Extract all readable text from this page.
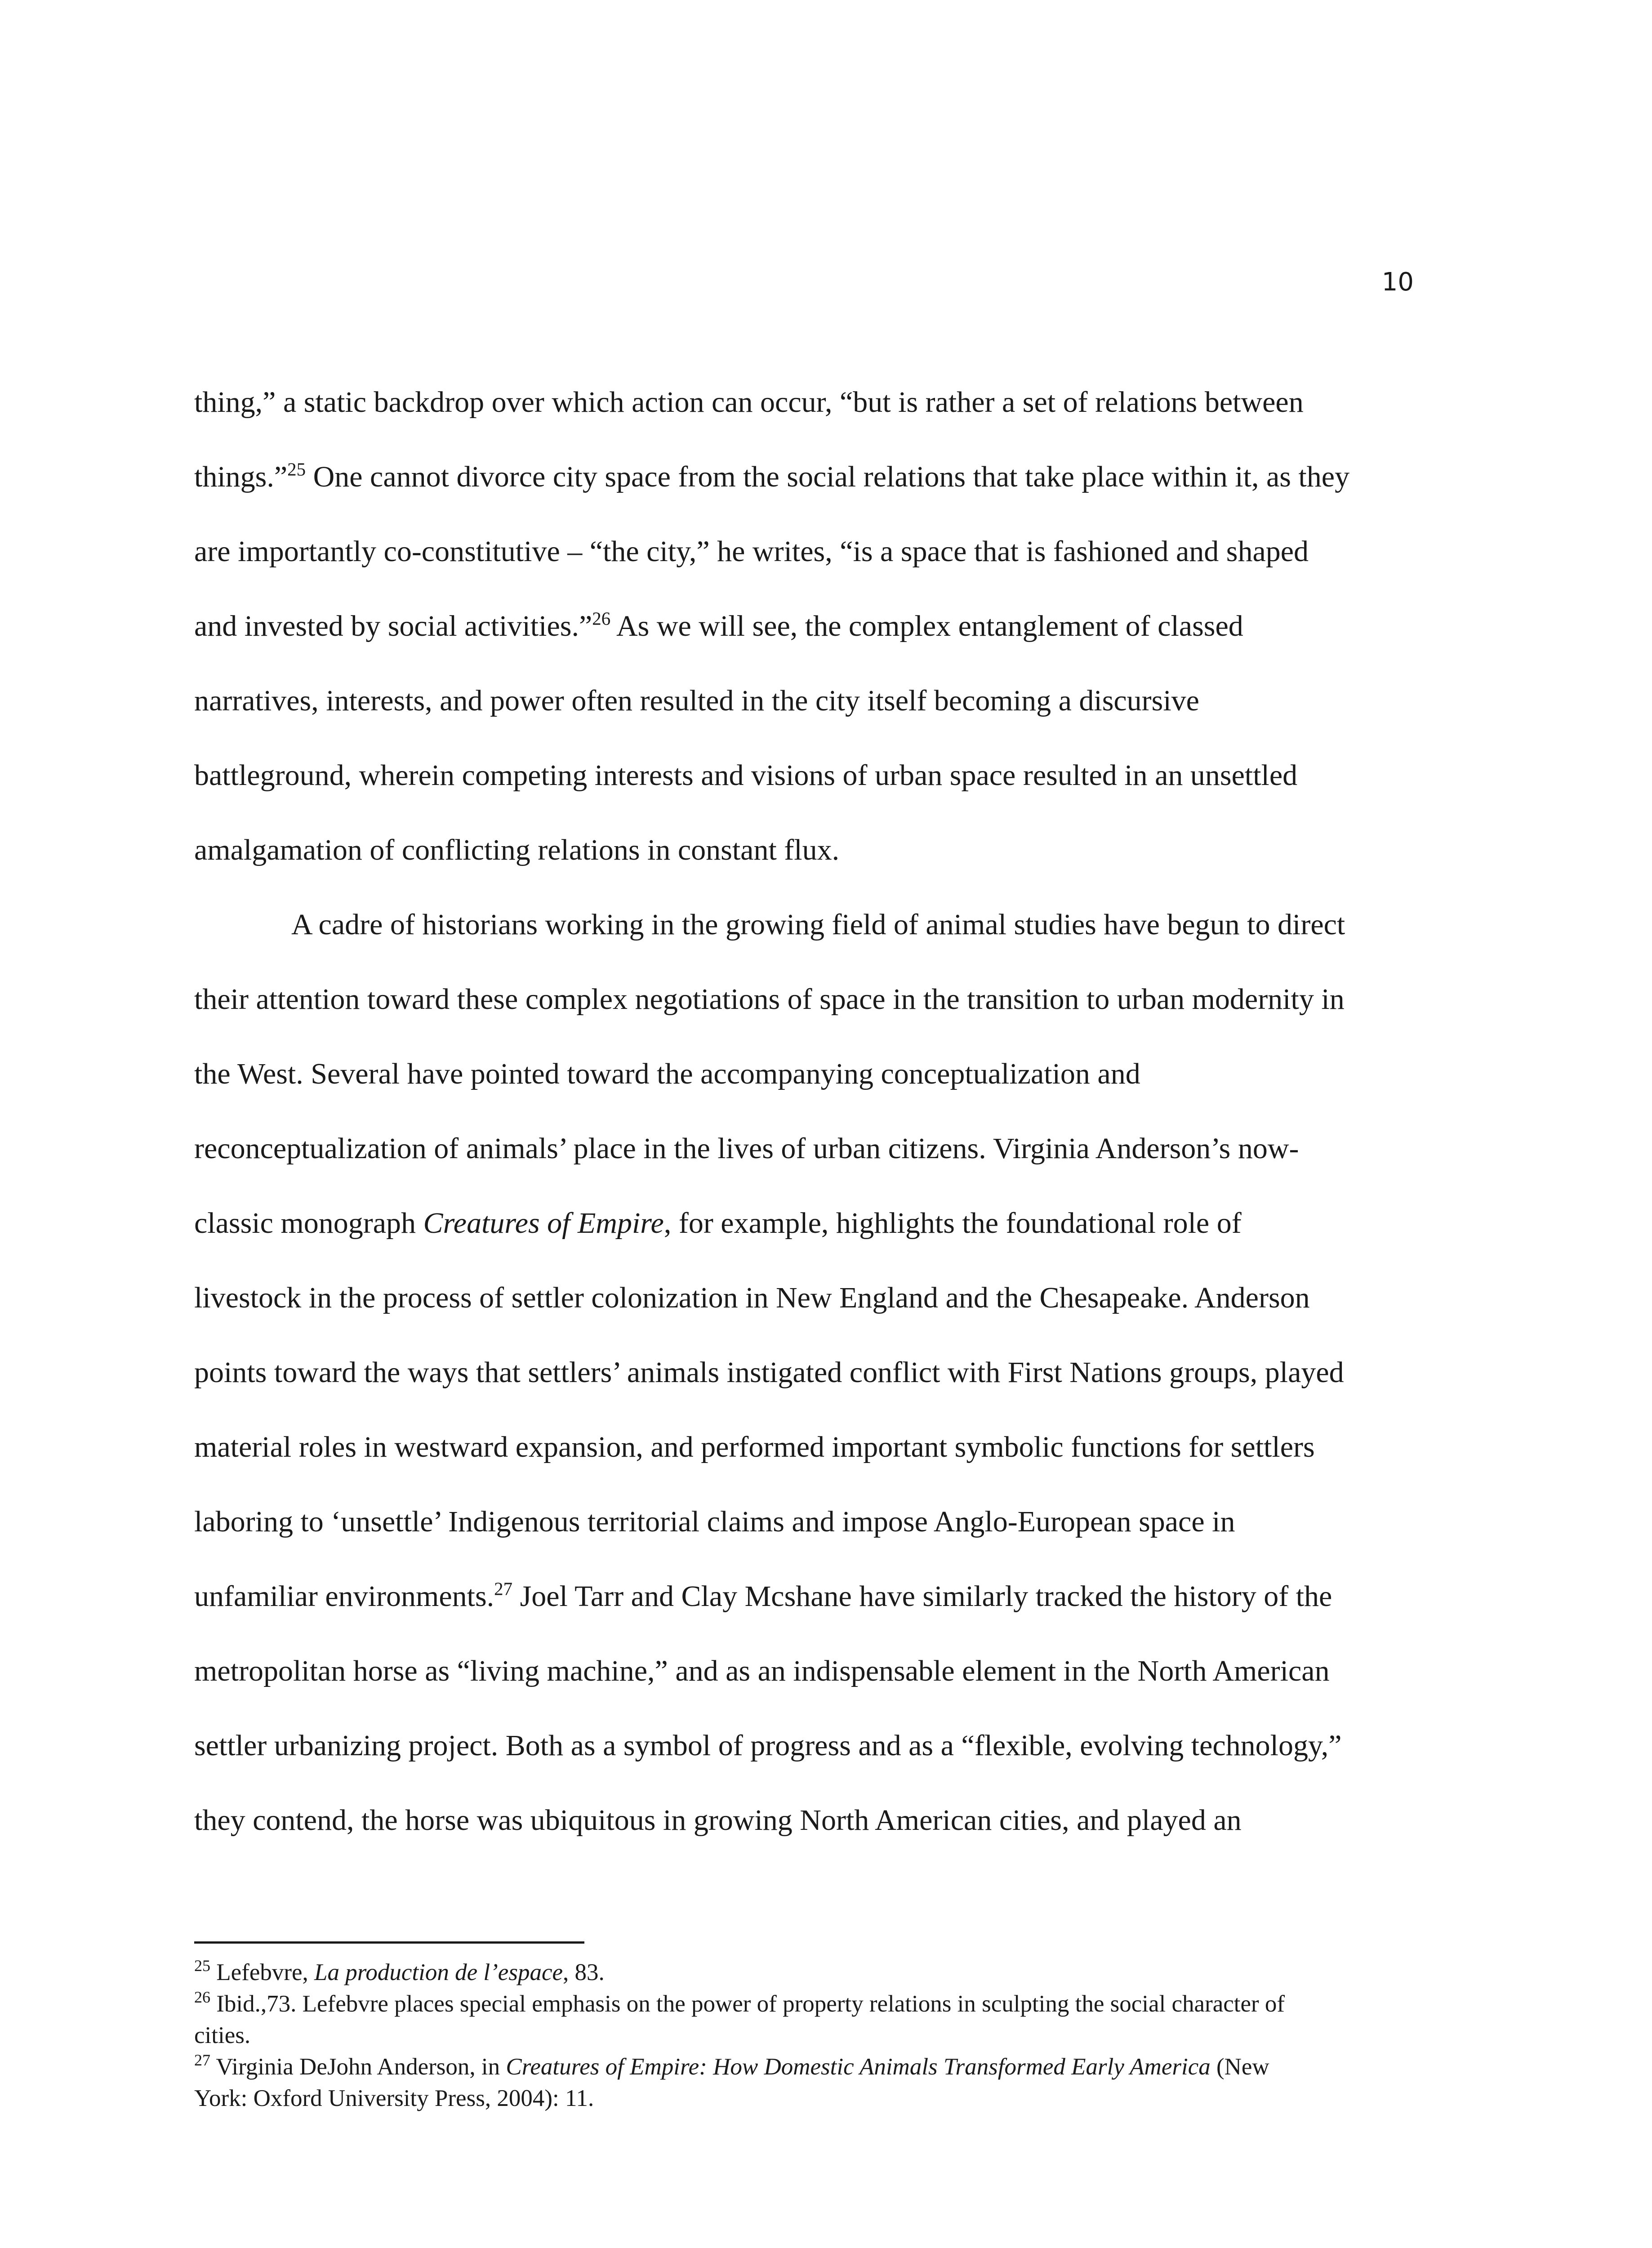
10
thing,” a static backdrop over which action can occur, “but is rather a set of relations between
things.”$^{25}$ One cannot divorce city space from the social relations that take place within it, as they
are importantly co-constitutive – “the city,” he writes, “is a space that is fashioned and shaped
and invested by social activities.”$^{26}$ As we will see, the complex entanglement of classed
narratives, interests, and power often resulted in the city itself becoming a discursive
battleground, wherein competing interests and visions of urban space resulted in an unsettled
amalgamation of conflicting relations in constant flux.
A cadre of historians working in the growing field of animal studies have begun to direct
their attention toward these complex negotiations of space in the transition to urban modernity in
the West. Several have pointed toward the accompanying conceptualization and
reconceptualization of animals’ place in the lives of urban citizens. Virginia Anderson’s now-
classic monograph Creatures of Empire, for example, highlights the foundational role of
livestock in the process of settler colonization in New England and the Chesapeake. Anderson
points toward the ways that settlers’ animals instigated conflict with First Nations groups, played
material roles in westward expansion, and performed important symbolic functions for settlers
laboring to ‘unsettle’ Indigenous territorial claims and impose Anglo-European space in
unfamiliar environments.$^{27}$ Joel Tarr and Clay Mcshane have similarly tracked the history of the
metropolitan horse as “living machine,” and as an indispensable element in the North American
settler urbanizing project. Both as a symbol of progress and as a “flexible, evolving technology,”
they contend, the horse was ubiquitous in growing North American cities, and played an
$^{25}$ Lefebvre, La production de l’espace, 83.
$^{26}$ Ibid.,73. Lefebvre places special emphasis on the power of property relations in sculpting the social character of
cities.
$^{27}$ Virginia DeJohn Anderson, in Creatures of Empire: How Domestic Animals Transformed Early America (New
York: Oxford University Press, 2004): 11.
